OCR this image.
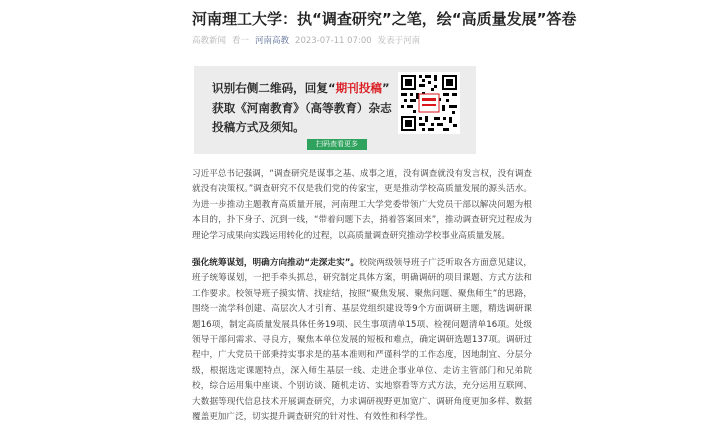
河南理工大学：执“调查研究”之笔，绘“高质量发展”答卷
高教新闻 看一 河南高教 2023-07-11 07:00 发表于河南
识别右侧二维码，回复“期刊投稿”
获取《河南教育》（高等教育）杂志
投稿方式及须知。
扫码查看更多

习近平总书记强调，“调查研究是谋事之基、成事之道，没有调查就没有发言权，没有调查就没有决策权。”调查研究不仅是我们党的传家宝，更是推动学校高质量发展的源头活水。为进一步推动主题教育高质量开展，河南理工大学党委带领广大党员干部以解决问题为根本目的，扑下身子、沉到一线，“带着问题下去，捎着答案回来”，推动调查研究过程成为理论学习成果向实践运用转化的过程，以高质量调查研究推动学校事业高质量发展。

强化统筹谋划，明确方向推动“走深走实”。校院两级领导班子广泛听取各方面意见建议，班子统筹谋划，一把手牵头抓总，研究制定具体方案，明确调研的项目课题、方式方法和工作要求。校领导班子摸实情、找症结，按照“聚焦发展、聚焦问题、聚焦师生”的思路，围绕一流学科创建、高层次人才引育、基层党组织建设等9个方面调研主题，精选调研课题16项，制定高质量发展具体任务19项、民生事项清单15项、检视问题清单16项。处级领导干部问需求、寻良方，聚焦本单位发展的短板和难点，确定调研选题137项。调研过程中，广大党员干部秉持实事求是的基本准则和严谨科学的工作态度，因地制宜、分层分级，根据选定课题特点，深入师生基层一线、走进企事业单位、走访主管部门和兄弟院校，综合运用集中座谈、个别访谈、随机走访、实地察看等方式方法，充分运用互联网、大数据等现代信息技术开展调查研究，力求调研视野更加宽广、调研角度更加多样、数据覆盖更加广泛，切实提升调查研究的针对性、有效性和科学性。
